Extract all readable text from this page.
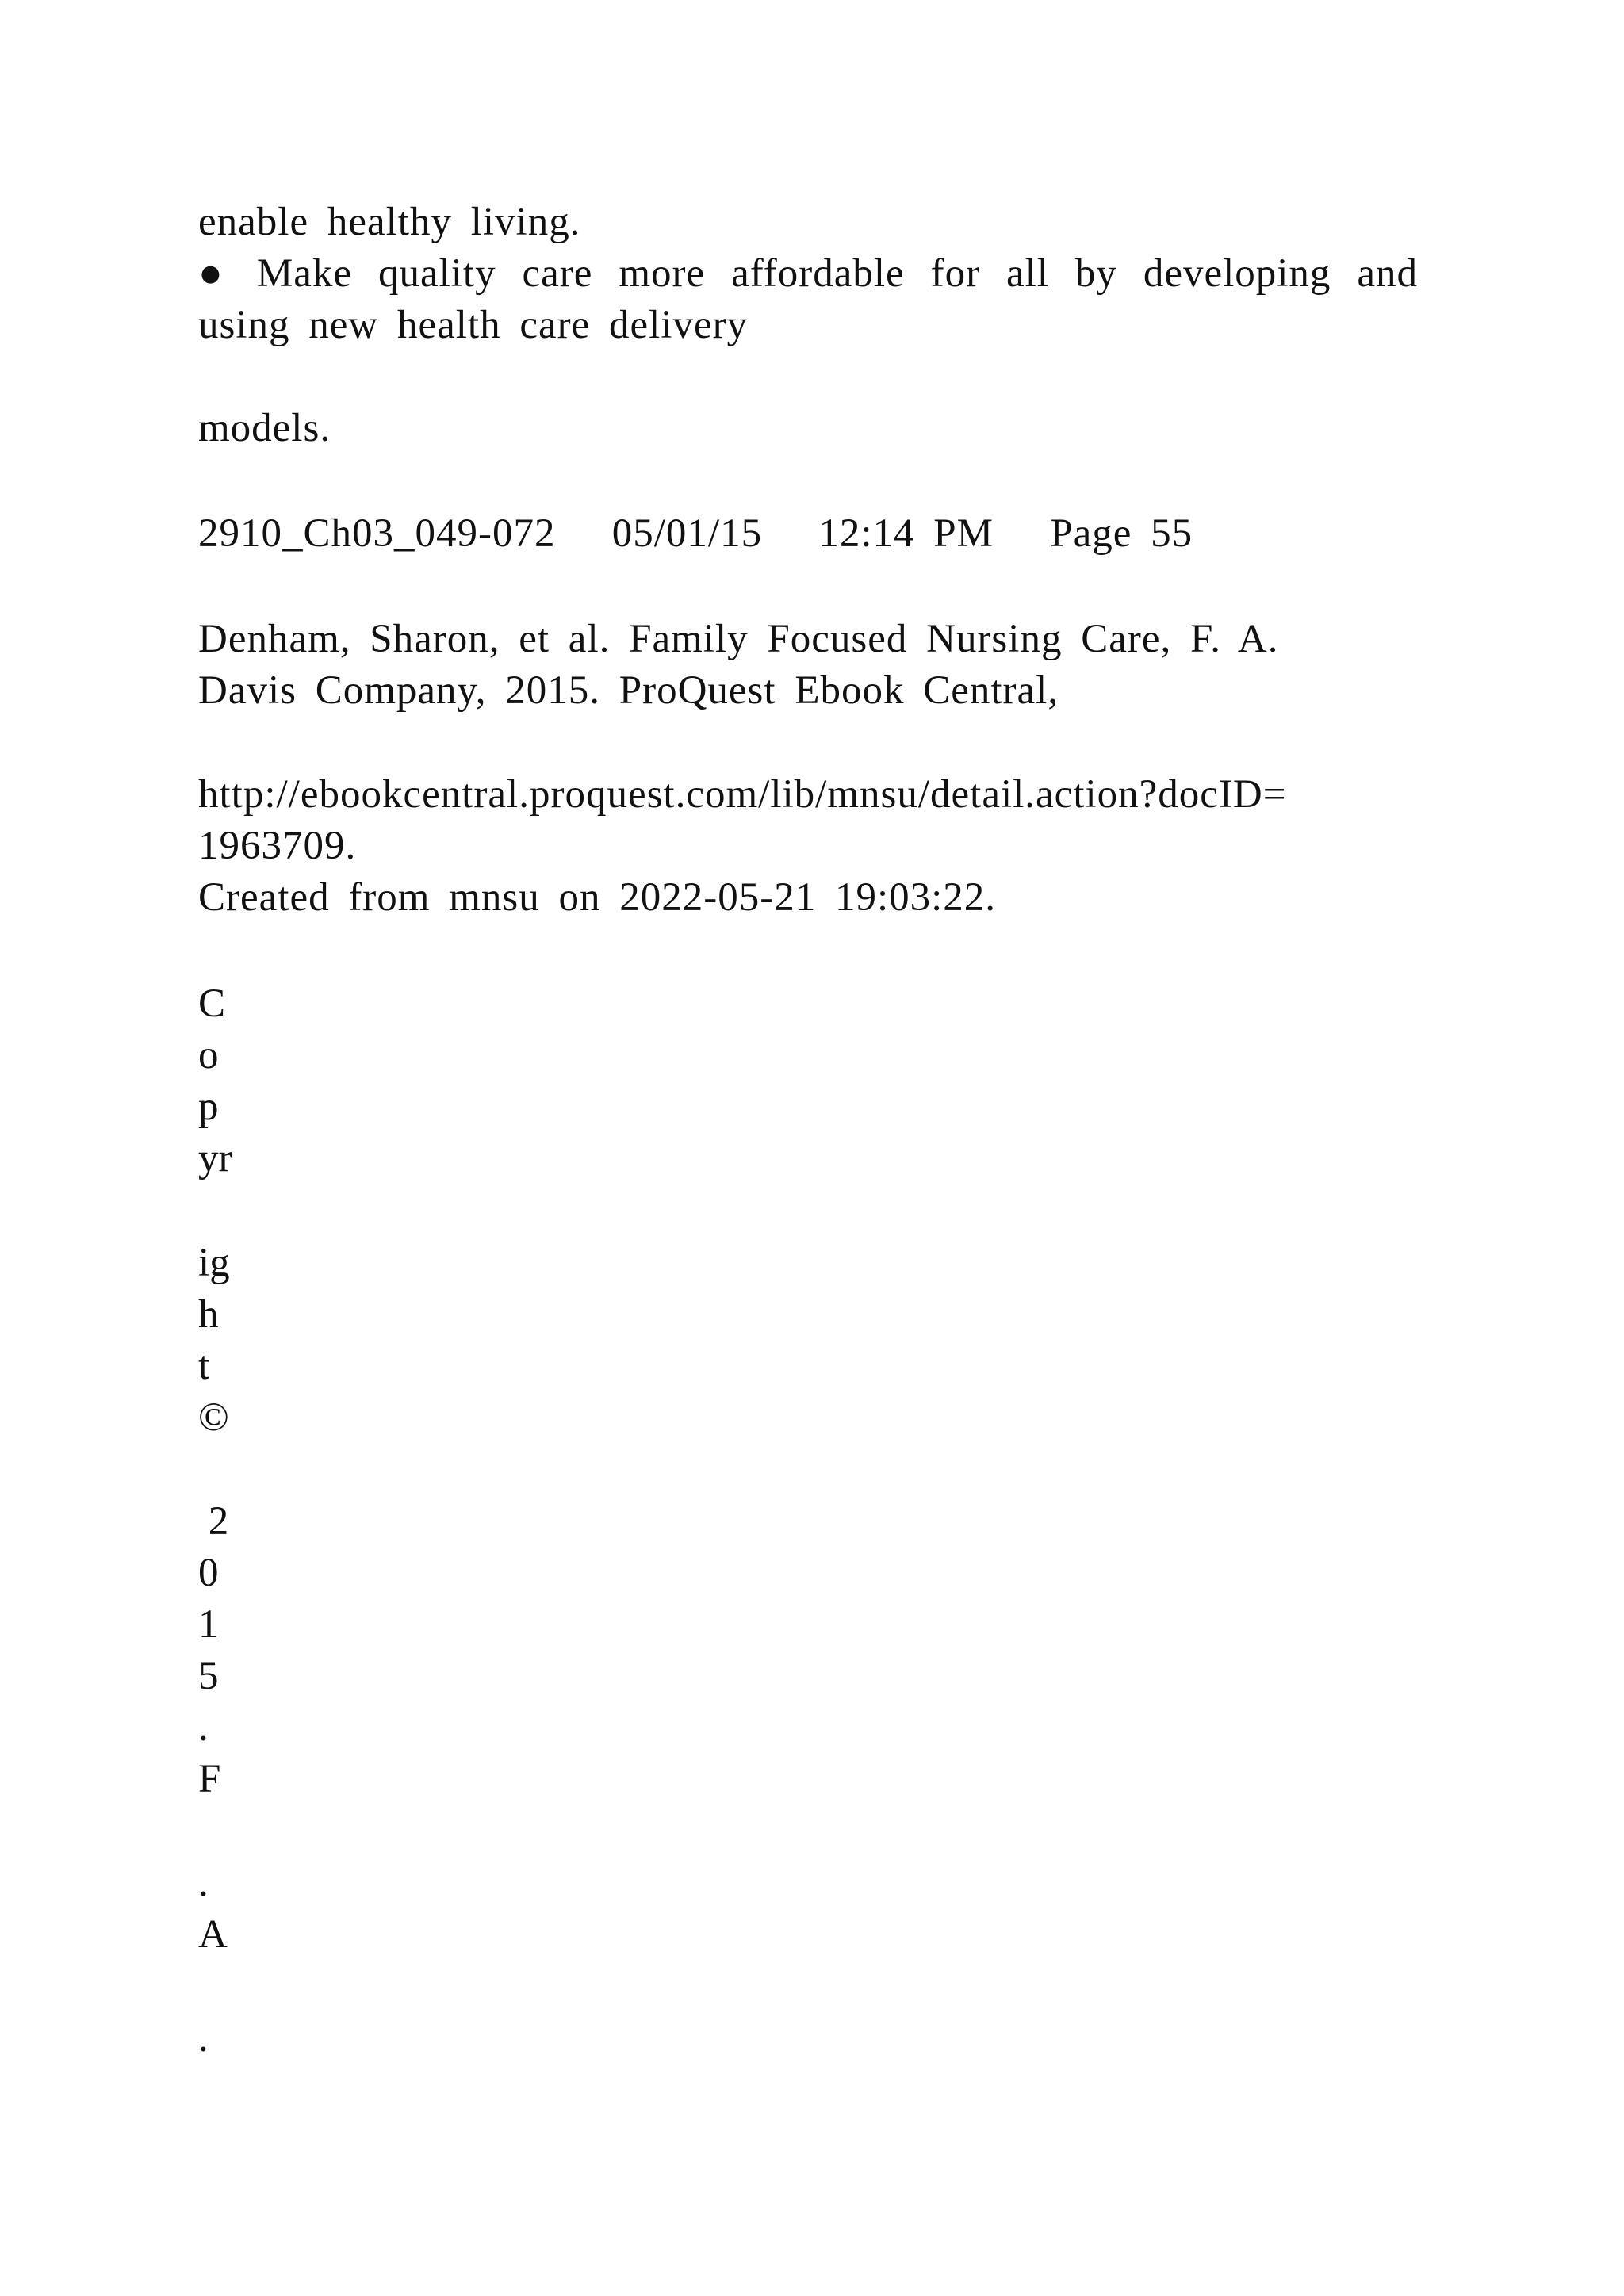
enable healthy living.
● Make quality care more affordable for all by developing and
using new health care delivery
models.
2910_Ch03_049-072   05/01/15   12:14 PM   Page 55
Denham, Sharon, et al. Family Focused Nursing Care, F. A.
Davis Company, 2015. ProQuest Ebook Central,
http://ebookcentral.proquest.com/lib/mnsu/detail.action?docID=
1963709.
Created from mnsu on 2022-05-21 19:03:22.
C
o
p
yr
ig
h
t
©
2
0
1
5
.
F
.
A
.
